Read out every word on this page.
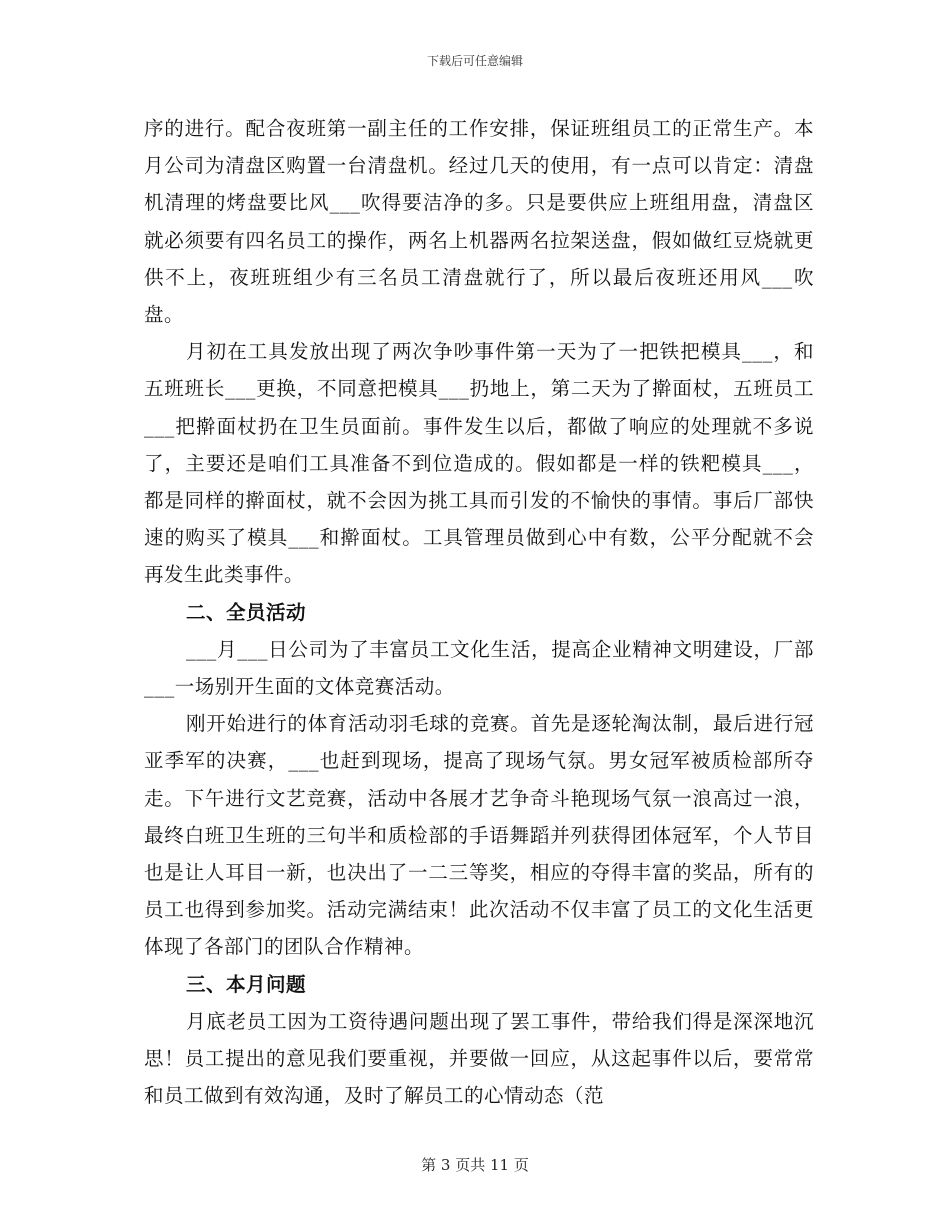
下载后可任意编辑

序的进行。配合夜班第一副主任的工作安排，保证班组员工的正常生产。本月公司为清盘区购置一台清盘机。经过几天的使用，有一点可以肯定：清盘机清理的烤盘要比风___吹得要洁净的多。只是要供应上班组用盘，清盘区就必须要有四名员工的操作，两名上机器两名拉架送盘，假如做红豆烧就更供不上，夜班班组少有三名员工清盘就行了，所以最后夜班还用风___吹盘。

月初在工具发放出现了两次争吵事件第一天为了一把铁把模具___，和五班班长___更换，不同意把模具___扔地上，第二天为了擀面杖，五班员工___把擀面杖扔在卫生员面前。事件发生以后，都做了响应的处理就不多说了，主要还是咱们工具准备不到位造成的。假如都是一样的铁粑模具___，都是同样的擀面杖，就不会因为挑工具而引发的不愉快的事情。事后厂部快速的购买了模具___和擀面杖。工具管理员做到心中有数，公平分配就不会再发生此类事件。

二、全员活动

___月___日公司为了丰富员工文化生活，提高企业精神文明建设，厂部___一场别开生面的文体竞赛活动。

刚开始进行的体育活动羽毛球的竞赛。首先是逐轮淘汰制，最后进行冠亚季军的决赛，___也赶到现场，提高了现场气氛。男女冠军被质检部所夺走。下午进行文艺竞赛，活动中各展才艺争奇斗艳现场气氛一浪高过一浪，最终白班卫生班的三句半和质检部的手语舞蹈并列获得团体冠军，个人节目也是让人耳目一新，也决出了一二三等奖，相应的夺得丰富的奖品，所有的员工也得到参加奖。活动完满结束！此次活动不仅丰富了员工的文化生活更体现了各部门的团队合作精神。

三、本月问题

月底老员工因为工资待遇问题出现了罢工事件，带给我们得是深深地沉思！员工提出的意见我们要重视，并要做一回应，从这起事件以后，要常常和员工做到有效沟通，及时了解员工的心情动态（范

第 3 页共 11 页
